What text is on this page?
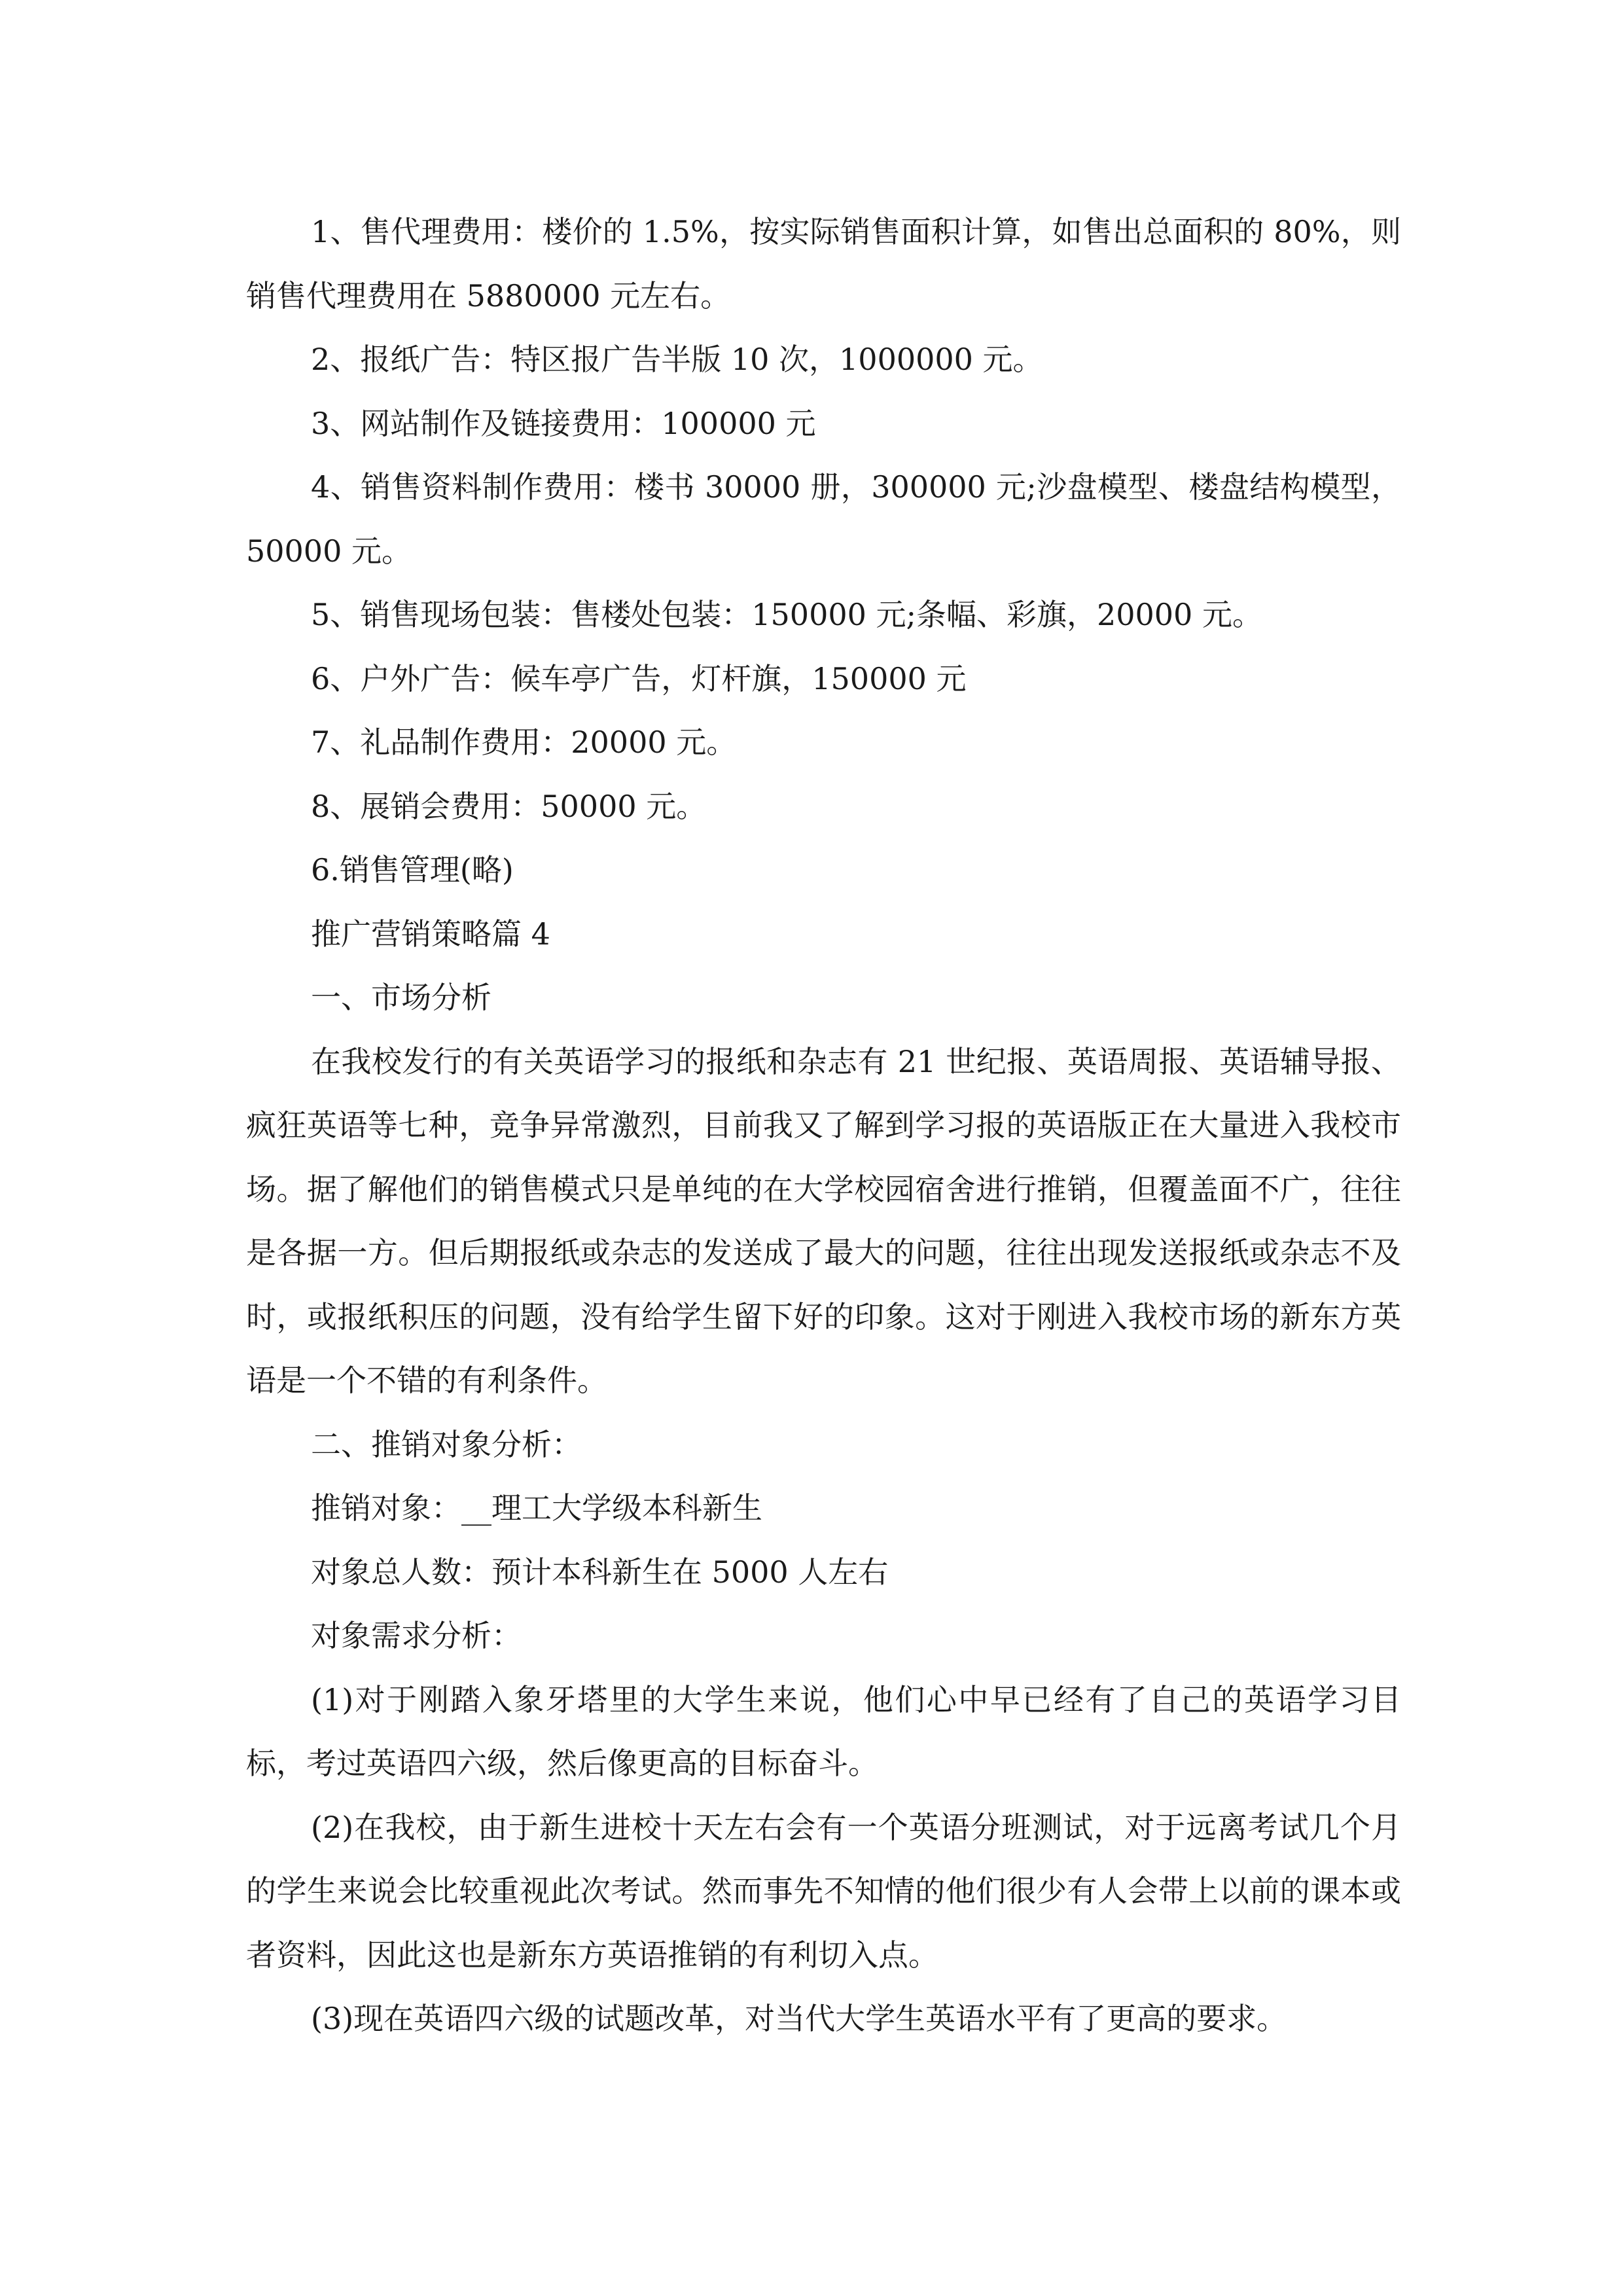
1、售代理费用：楼价的 1.5%，按实际销售面积计算，如售出总面积的 80%，则销售代理费用在 5880000 元左右。

2、报纸广告：特区报广告半版 10 次，1000000 元。

3、网站制作及链接费用：100000 元

4、销售资料制作费用：楼书 30000 册，300000 元;沙盘模型、楼盘结构模型，50000 元。

5、销售现场包装：售楼处包装：150000 元;条幅、彩旗，20000 元。

6、户外广告：候车亭广告，灯杆旗，150000 元

7、礼品制作费用：20000 元。

8、展销会费用：50000 元。

6.销售管理(略)

推广营销策略篇 4

一、市场分析

在我校发行的有关英语学习的报纸和杂志有 21 世纪报、英语周报、英语辅导报、疯狂英语等七种，竞争异常激烈，目前我又了解到学习报的英语版正在大量进入我校市场。据了解他们的销售模式只是单纯的在大学校园宿舍进行推销，但覆盖面不广，往往是各据一方。但后期报纸或杂志的发送成了最大的问题，往往出现发送报纸或杂志不及时，或报纸积压的问题，没有给学生留下好的印象。这对于刚进入我校市场的新东方英语是一个不错的有利条件。

二、推销对象分析：

推销对象：__理工大学级本科新生

对象总人数：预计本科新生在 5000 人左右

对象需求分析：

(1)对于刚踏入象牙塔里的大学生来说，他们心中早已经有了自己的英语学习目标，考过英语四六级，然后像更高的目标奋斗。

(2)在我校，由于新生进校十天左右会有一个英语分班测试，对于远离考试几个月的学生来说会比较重视此次考试。然而事先不知情的他们很少有人会带上以前的课本或者资料，因此这也是新东方英语推销的有利切入点。

(3)现在英语四六级的试题改革，对当代大学生英语水平有了更高的要求。
